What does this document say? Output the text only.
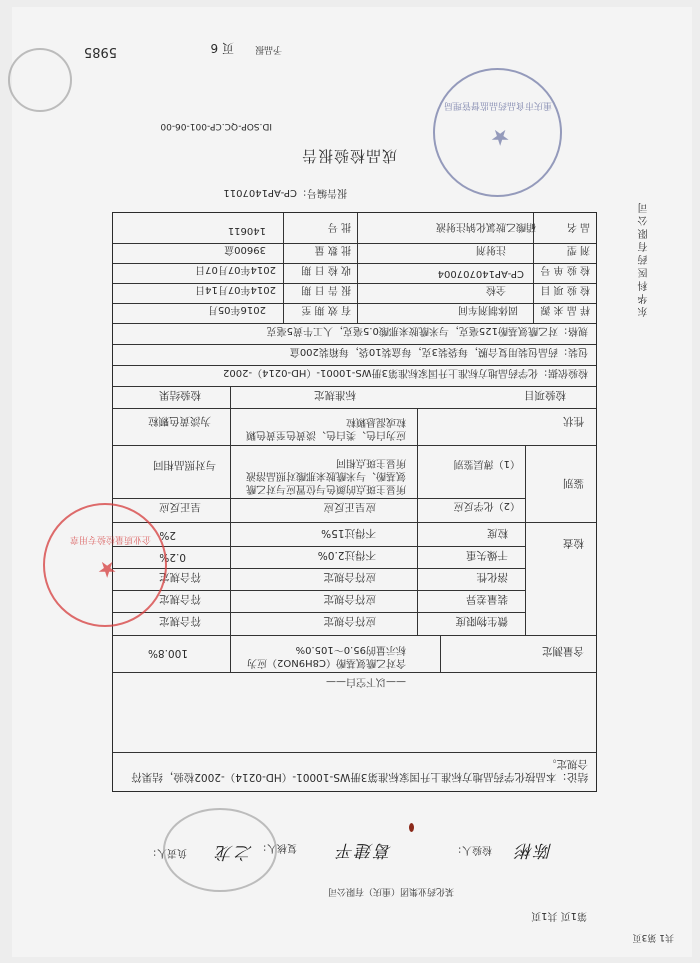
共1 第3页
第1页 共1页
某化药业集团（重庆）有限公司
负责人： 之龙 复核人： 葛建平	检验人： 陈彬
结论：本品按化学药品地方标准上升国家标准第3册WS-10001-（HD-0214）-2002检验，结果符合规定。
——以下空白——
含量测定
含对乙酰氨基酚（C8H9NO2）应为标示量的95.0～105.0%
100.8%
检查
微生物限度
应符合规定
符合规定
装量差异
应符合规定
符合规定
溶化性
应符合规定
符合规定
干燥失重
不得过2.0%
0.2%
粒度
不得过15%
2%
鉴别
（2）化学反应
应呈正反应
呈正反应
（1）薄层鉴别
所显主斑点的颜色与位置应与对乙酰氨基酚、与米酰胺来那酸对照品溶液所显主斑点相同
与对照品相同
性状
应为白色、类白色、淡黄色至黄色颗粒或混悬颗粒
为淡黄色颗粒
检验项目
标准规定
检验结果
检验依据：化学药品地方标准上升国家标准第3册WS-10001-（HD-0214）-2002
包装：药品包装用复合膜，每袋装3克，每盒装10袋，每箱装200盒
规格：对乙酰氨基酚125毫克，与米酰胺来那酸0.5毫克，人工牛黄5毫克
样 品 来 源
固体制剂车间
有 效 期 至
2016年05月
检 验 项 目
全检
报 告 日 期
2014年07月14日
检 验 单 号
CP-AP140707004
收 检 日 期
2014年07月07日
剂 型
注射剂
批 数 量
39600盒
品 名
硝酸乙胺氯化钠注射液
批 号
140611
报告编号：CP-AP1407011
成品检验报告
ID.SOP-QC.CP-001-06-00
页 6 予品报
5985
东华科医药有限公司
★
企业质量检验专用章
★
重庆市食品药品监督管理局
